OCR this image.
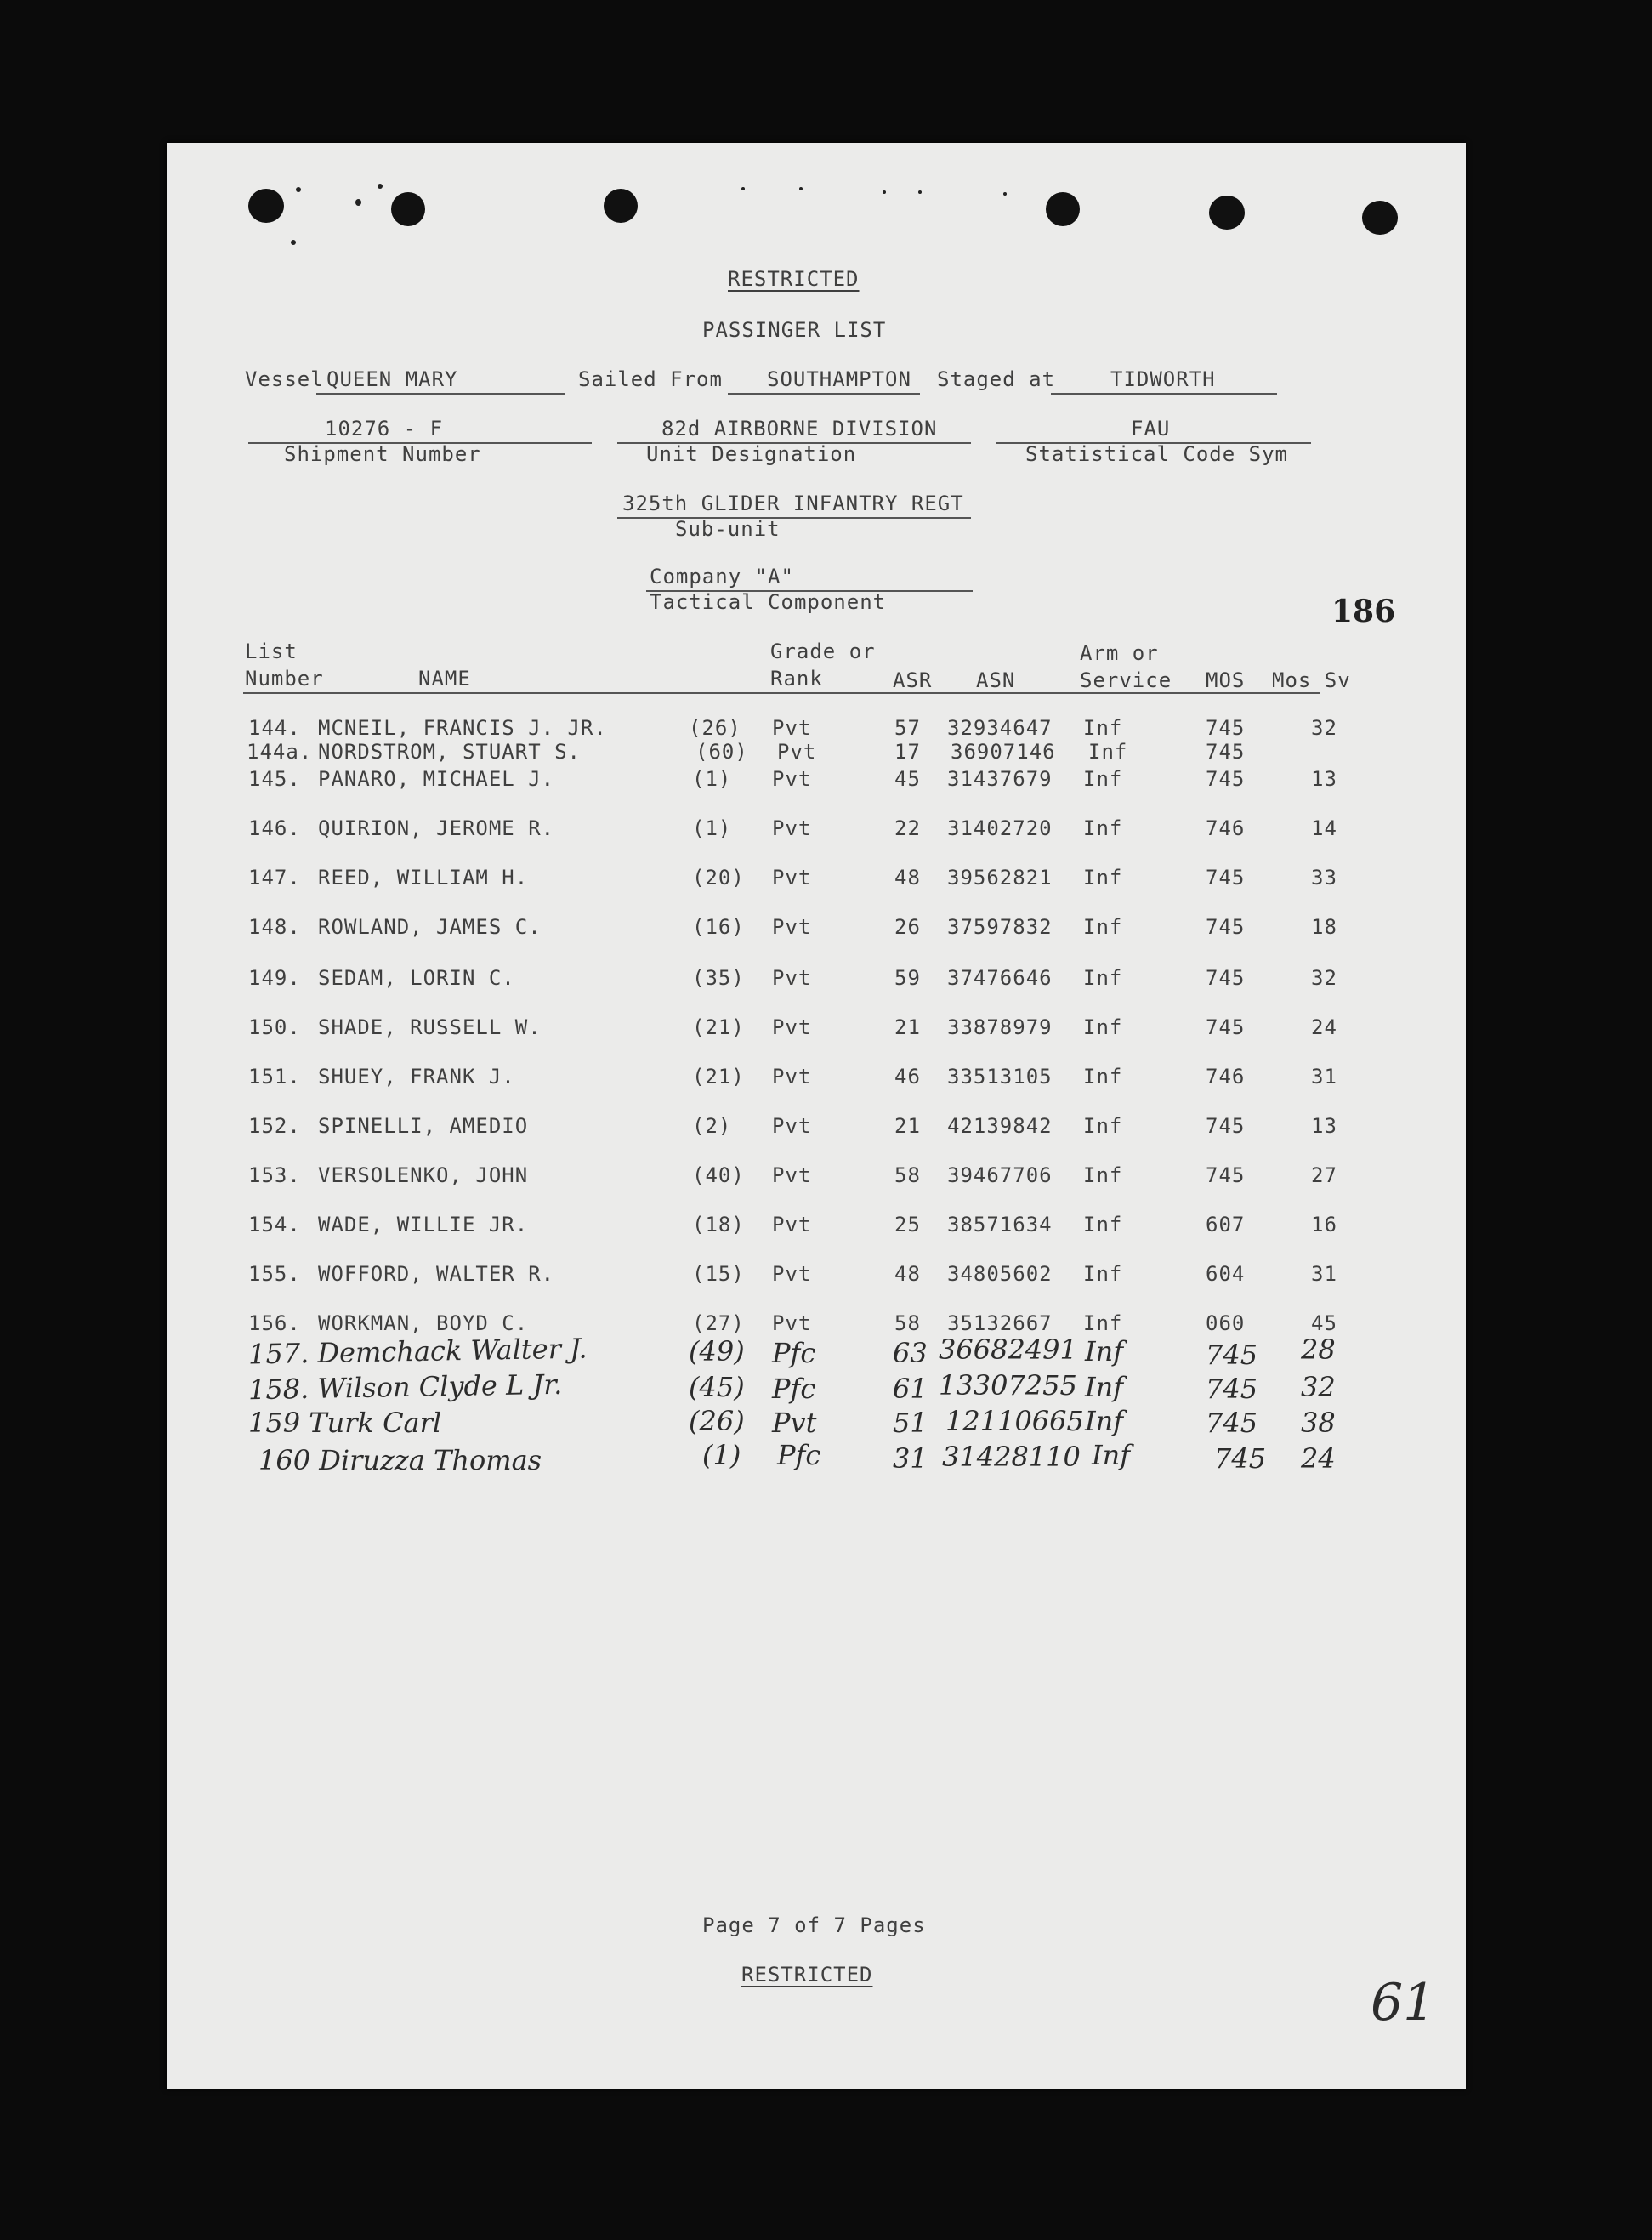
RESTRICTED
PASSINGER LIST
Vessel QUEEN MARY	Sailed From SOUTHAMPTON Staged at	TIDWORTH
10276 - F
Shipment Number
82d AIRBORNE DIVISION
Unit Designation
FAU
Statistical Code Sym
325th GLIDER INFANTRY REGT
Sub-unit
Company "A"
Tactical Component	186
List
Number	NAME
Grade or
Rank	ASR ASN
Arm or
Service MOS Mos Sv
144. MCNEIL, FRANCIS J. JR.	(26) Pvt	57 32934647 Inf	745	32
144a. NORDSTROM, STUART S.	(60) Pvt	17 36907146 Inf	745
145. PANARO, MICHAEL J.	(1) Pvt	45 31437679 Inf	745	13
146. QUIRION, JEROME R.	(1) Pvt	22 31402720 Inf	746	14
147. REED, WILLIAM H.	(20) Pvt	48 39562821 Inf	745	33
148. ROWLAND, JAMES C.	(16) Pvt	26 37597832 Inf	745	18
149. SEDAM, LORIN C.	(35) Pvt	59 37476646 Inf	745	32
150. SHADE, RUSSELL W.	(21) Pvt	21 33878979 Inf	745	24
151. SHUEY, FRANK J.	(21) Pvt	46 33513105 Inf	746	31
152. SPINELLI, AMEDIO	(2) Pvt	21 42139842 Inf	745	13
153. VERSOLENKO, JOHN	(40) Pvt	58 39467706 Inf	745	27
154. WADE, WILLIE JR.	(18) Pvt	25 38571634 Inf	607	16
155. WOFFORD, WALTER R.	(15) Pvt	48 34805602 Inf	604	31
156. WORKMAN, BOYD C.	(27) Pvt	58 35132667 Inf	060	45
157. Demchack Walter J.	(49) Pfc	63 36682491 Inf	745 28
158. Wilson Clyde L Jr.	(45) Pfc	61 13307255 Inf	745 32
159 Turk Carl	(26) Pvt	51 12110665 Inf	745 38
160 Diruzza Thomas	(1) Pfc	31 31428110 Inf	745 24
Page 7 of 7 Pages
RESTRICTED	61
